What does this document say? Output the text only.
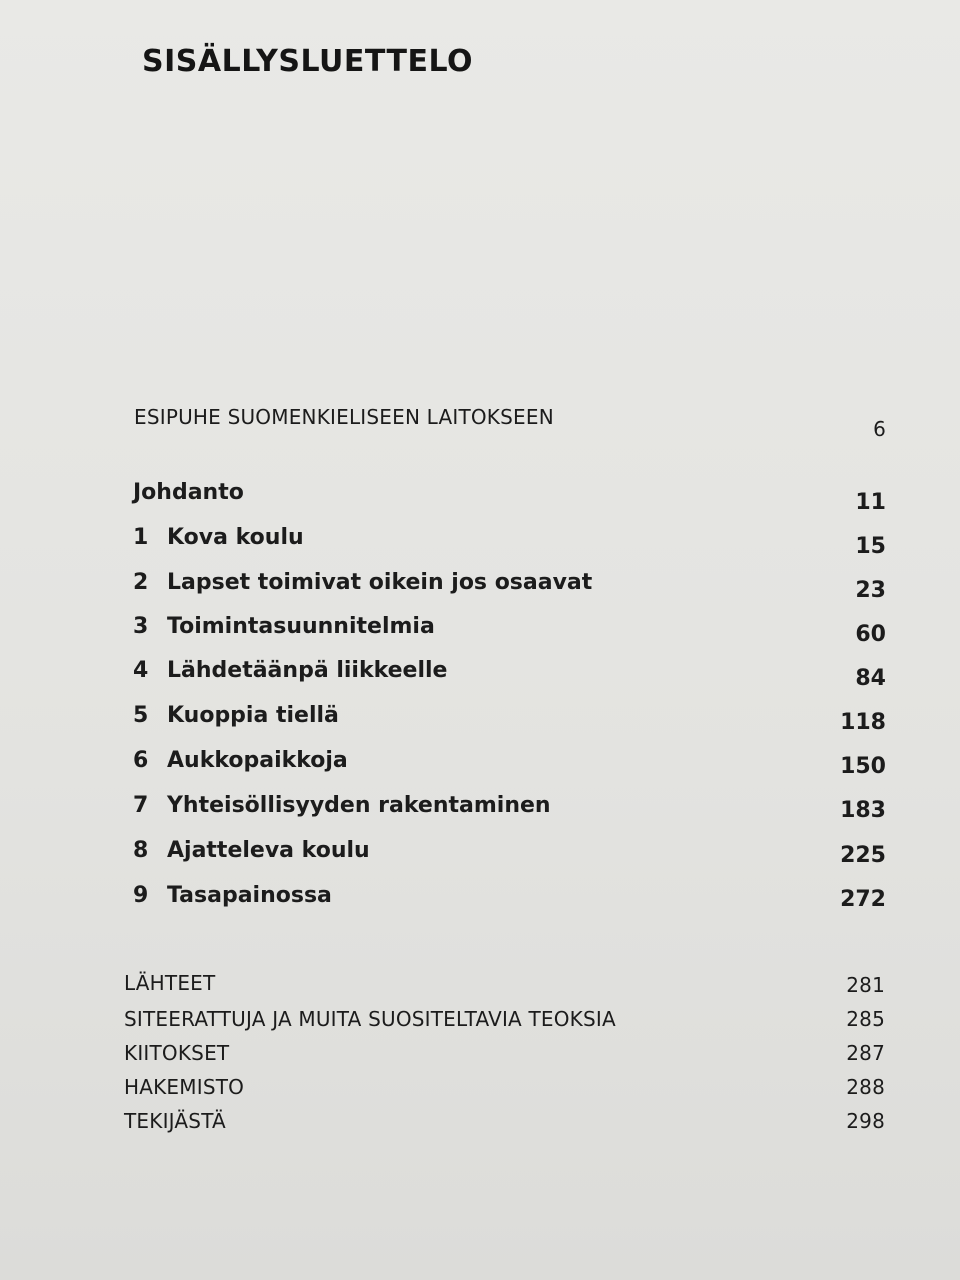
SISÄLLYSLUETTELO
ESIPUHE SUOMENKIELISEEN LAITOKSEEN	6
Johdanto	11
1 Kova koulu	15
2 Lapset toimivat oikein jos osaavat	23
3 Toimintasuunnitelmia	60
4 Lähdetäänpä liikkeelle	84
5 Kuoppia tiellä	118
6 Aukkopaikkoja	150
7 Yhteisöllisyyden rakentaminen	183
8 Ajatteleva koulu	225
9 Tasapainossa	272
LÄHTEET	281
SITEERATTUJA JA MUITA SUOSITELTAVIA TEOKSIA	285
KIITOKSET	287
HAKEMISTO	288
TEKIJÄSTÄ	298
